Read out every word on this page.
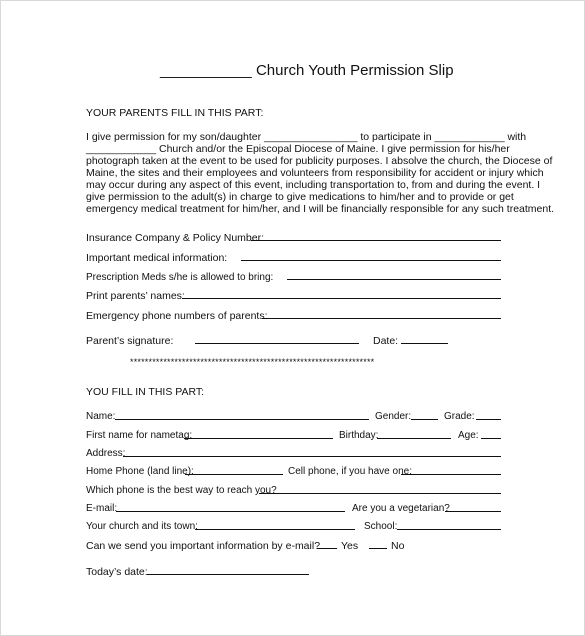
___________ Church Youth Permission Slip
YOUR PARENTS FILL IN THIS PART:
I give permission for my son/daughter ________________ to participate in ____________ with
____________ Church and/or the Episcopal Diocese of Maine. I give permission for his/her
photograph taken at the event to be used for publicity purposes. I absolve the church, the Diocese of
Maine, the sites and their employees and volunteers from responsibility for accident or injury which
may occur during any aspect of this event, including transportation to, from and during the event. I
give permission to the adult(s) in charge to give medications to him/her and to provide or get
emergency medical treatment for him/her, and I will be financially responsible for any such treatment.
Insurance Company & Policy Number:
Important medical information:
Prescription Meds s/he is allowed to bring:
Print parents’ names:
Emergency phone numbers of parents:
Parent’s signature:	Date:
******************************************************************
YOU FILL IN THIS PART:
Name:	Gender:	Grade:
First name for nametag:	Birthday:	Age:
Address:
Home Phone (land line):	Cell phone, if you have one:
Which phone is the best way to reach you?
E-mail:	Are you a vegetarian?
Your church and its town:	School:
Can we send you important information by e-mail? Yes	No
Today’s date:
